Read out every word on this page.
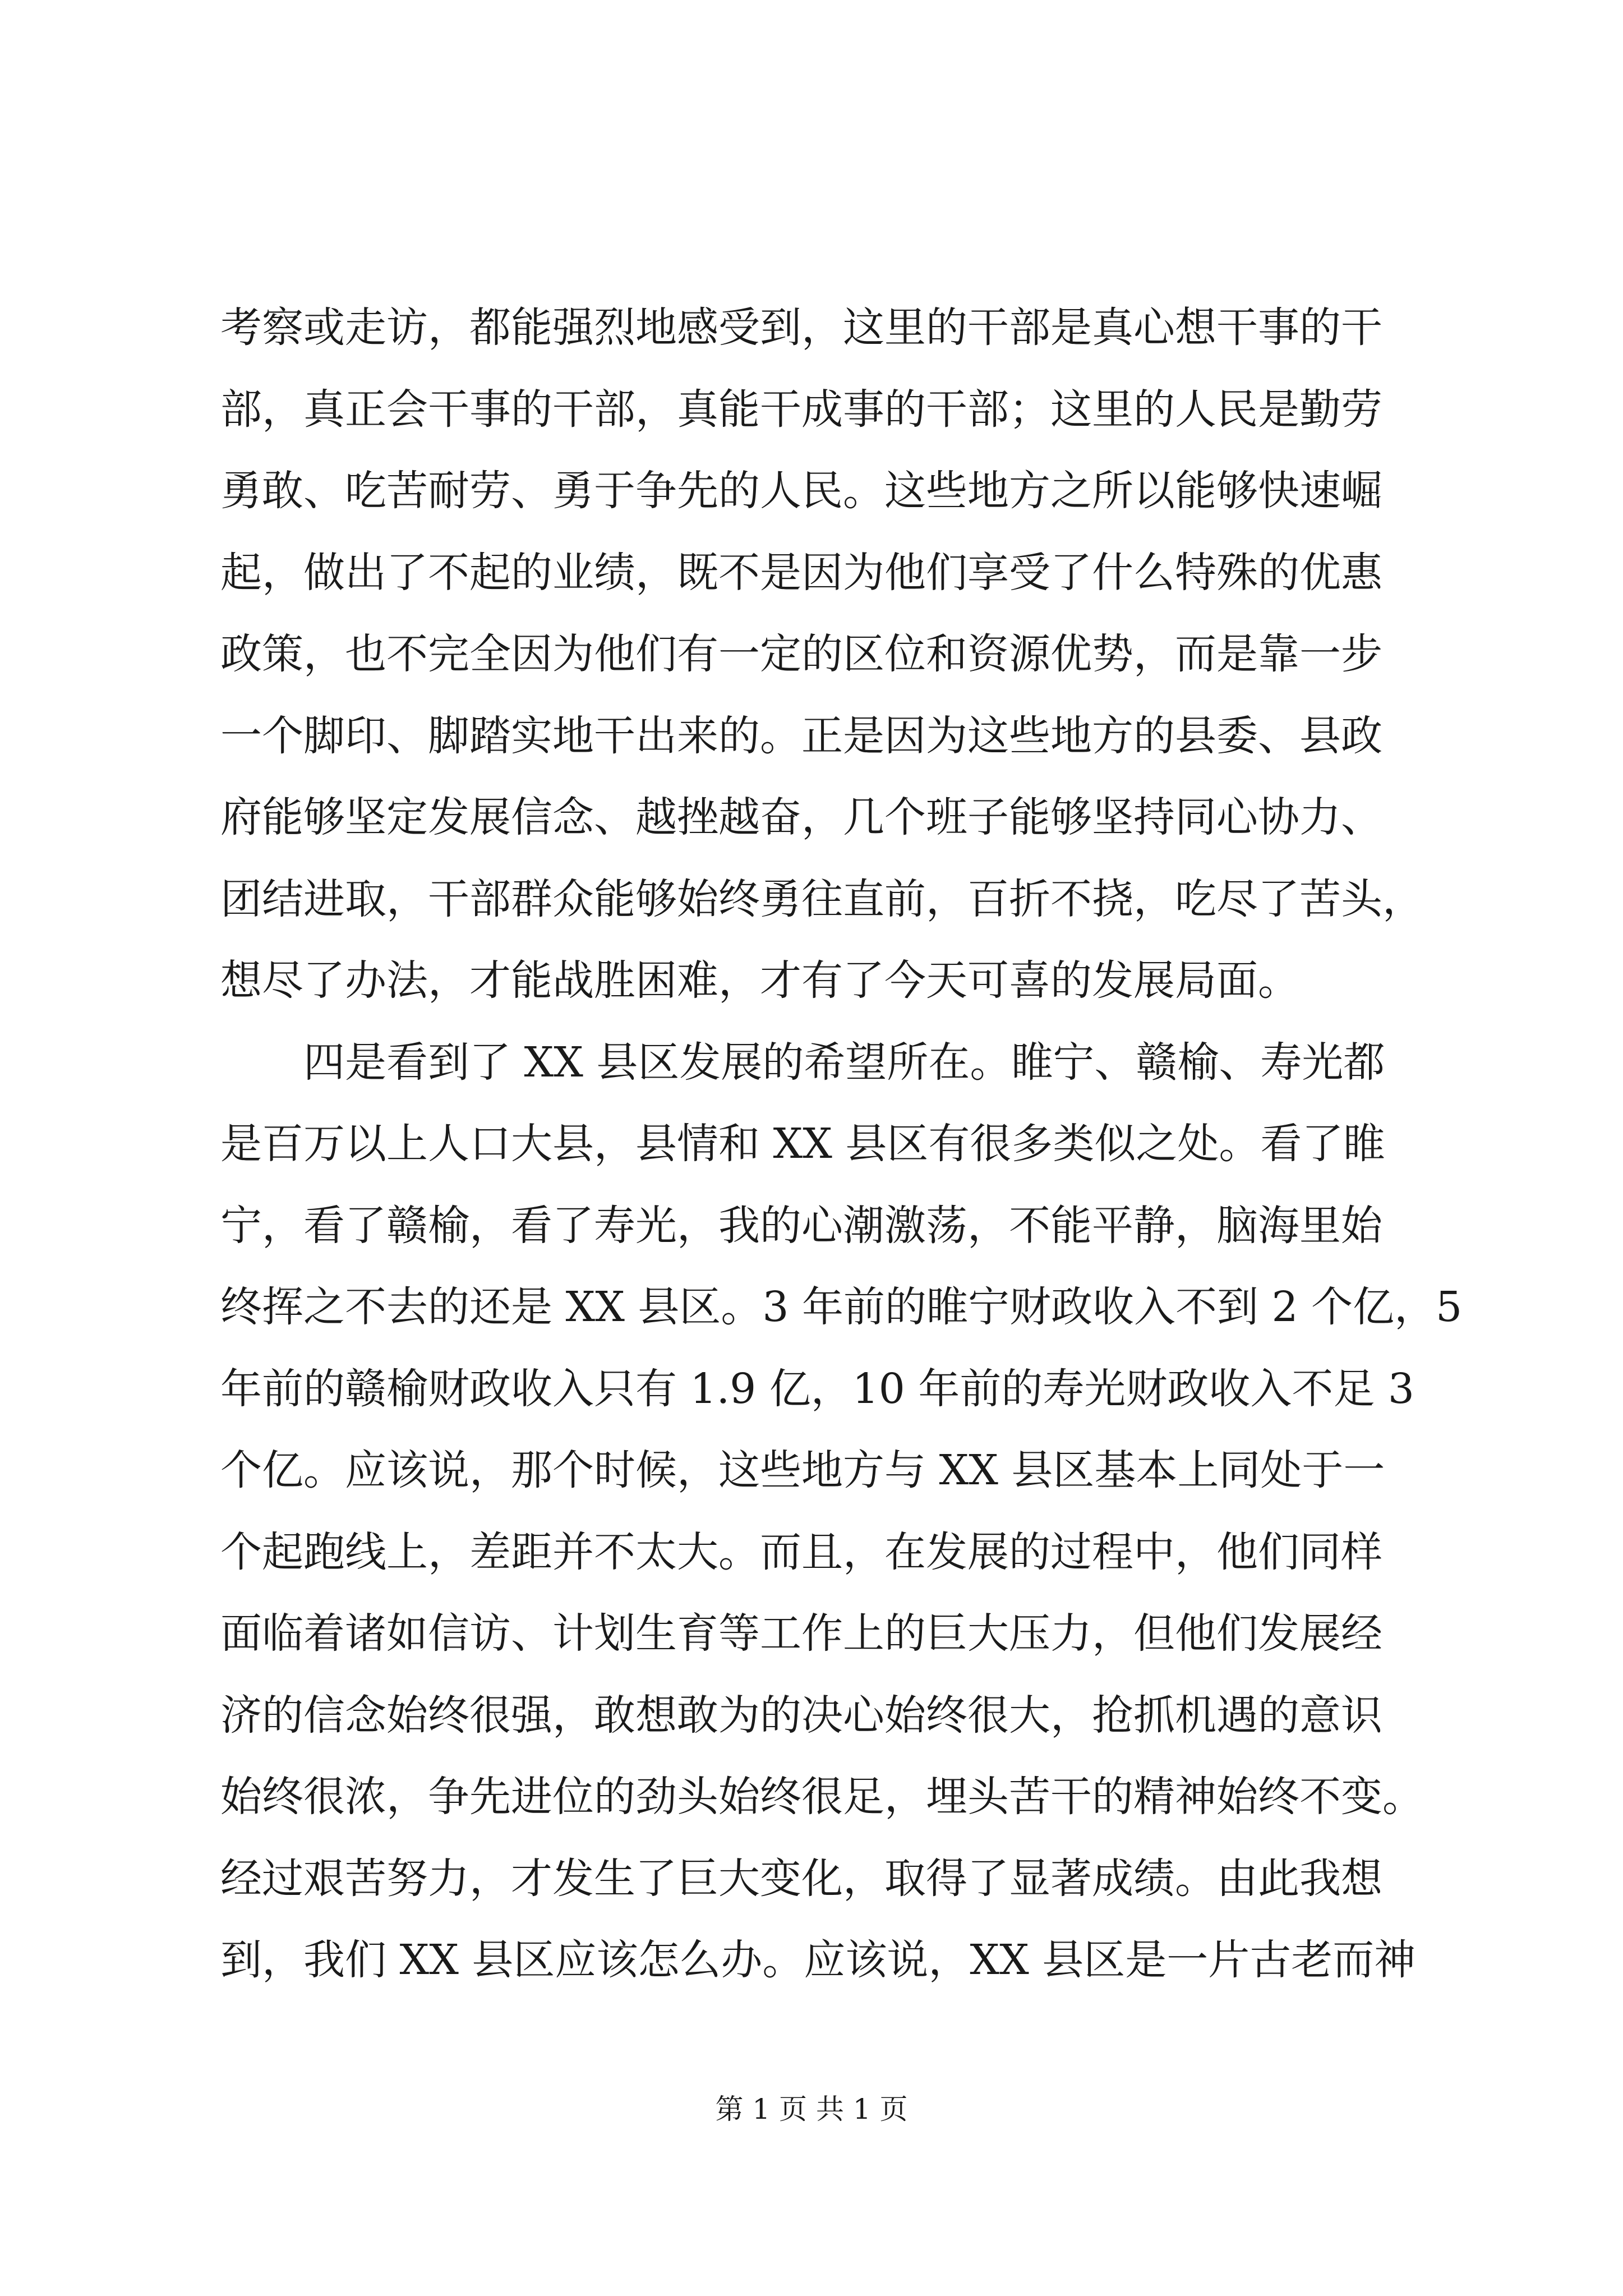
考察或走访，都能强烈地感受到，这里的干部是真心想干事的干
部，真正会干事的干部，真能干成事的干部；这里的人民是勤劳
勇敢、吃苦耐劳、勇于争先的人民。这些地方之所以能够快速崛
起，做出了不起的业绩，既不是因为他们享受了什么特殊的优惠
政策，也不完全因为他们有一定的区位和资源优势，而是靠一步
一个脚印、脚踏实地干出来的。正是因为这些地方的县委、县政
府能够坚定发展信念、越挫越奋，几个班子能够坚持同心协力、
团结进取，干部群众能够始终勇往直前，百折不挠，吃尽了苦头，
想尽了办法，才能战胜困难，才有了今天可喜的发展局面。
四是看到了 XX 县区发展的希望所在。睢宁、赣榆、寿光都
是百万以上人口大县，县情和 XX 县区有很多类似之处。看了睢
宁，看了赣榆，看了寿光，我的心潮激荡，不能平静，脑海里始
终挥之不去的还是 XX 县区。3 年前的睢宁财政收入不到 2 个亿，5
年前的赣榆财政收入只有 1.9 亿，10 年前的寿光财政收入不足 3
个亿。应该说，那个时候，这些地方与 XX 县区基本上同处于一
个起跑线上，差距并不太大。而且，在发展的过程中，他们同样
面临着诸如信访、计划生育等工作上的巨大压力，但他们发展经
济的信念始终很强，敢想敢为的决心始终很大，抢抓机遇的意识
始终很浓，争先进位的劲头始终很足，埋头苦干的精神始终不变。
经过艰苦努力，才发生了巨大变化，取得了显著成绩。由此我想
到，我们 XX 县区应该怎么办。应该说，XX 县区是一片古老而神
第 1 页 共 1 页
